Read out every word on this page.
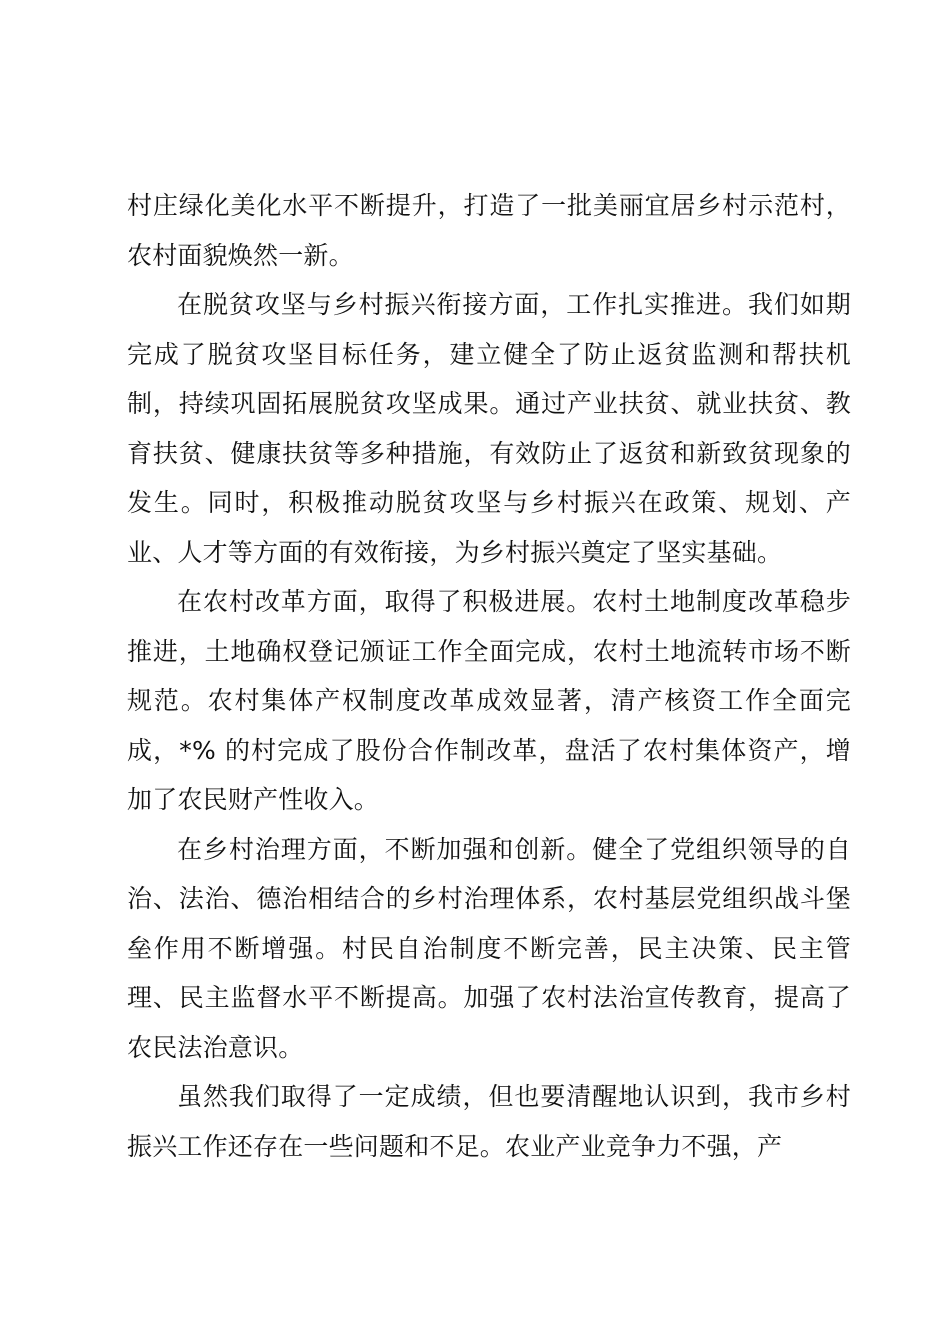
村庄绿化美化水平不断提升，打造了一批美丽宜居乡村示范村，农村面貌焕然一新。

在脱贫攻坚与乡村振兴衔接方面，工作扎实推进。我们如期完成了脱贫攻坚目标任务，建立健全了防止返贫监测和帮扶机制，持续巩固拓展脱贫攻坚成果。通过产业扶贫、就业扶贫、教育扶贫、健康扶贫等多种措施，有效防止了返贫和新致贫现象的发生。同时，积极推动脱贫攻坚与乡村振兴在政策、规划、产业、人才等方面的有效衔接，为乡村振兴奠定了坚实基础。

在农村改革方面，取得了积极进展。农村土地制度改革稳步推进，土地确权登记颁证工作全面完成，农村土地流转市场不断规范。农村集体产权制度改革成效显著，清产核资工作全面完成，*% 的村完成了股份合作制改革，盘活了农村集体资产，增加了农民财产性收入。

在乡村治理方面，不断加强和创新。健全了党组织领导的自治、法治、德治相结合的乡村治理体系，农村基层党组织战斗堡垒作用不断增强。村民自治制度不断完善，民主决策、民主管理、民主监督水平不断提高。加强了农村法治宣传教育，提高了农民法治意识。

虽然我们取得了一定成绩，但也要清醒地认识到，我市乡村振兴工作还存在一些问题和不足。农业产业竞争力不强，产
